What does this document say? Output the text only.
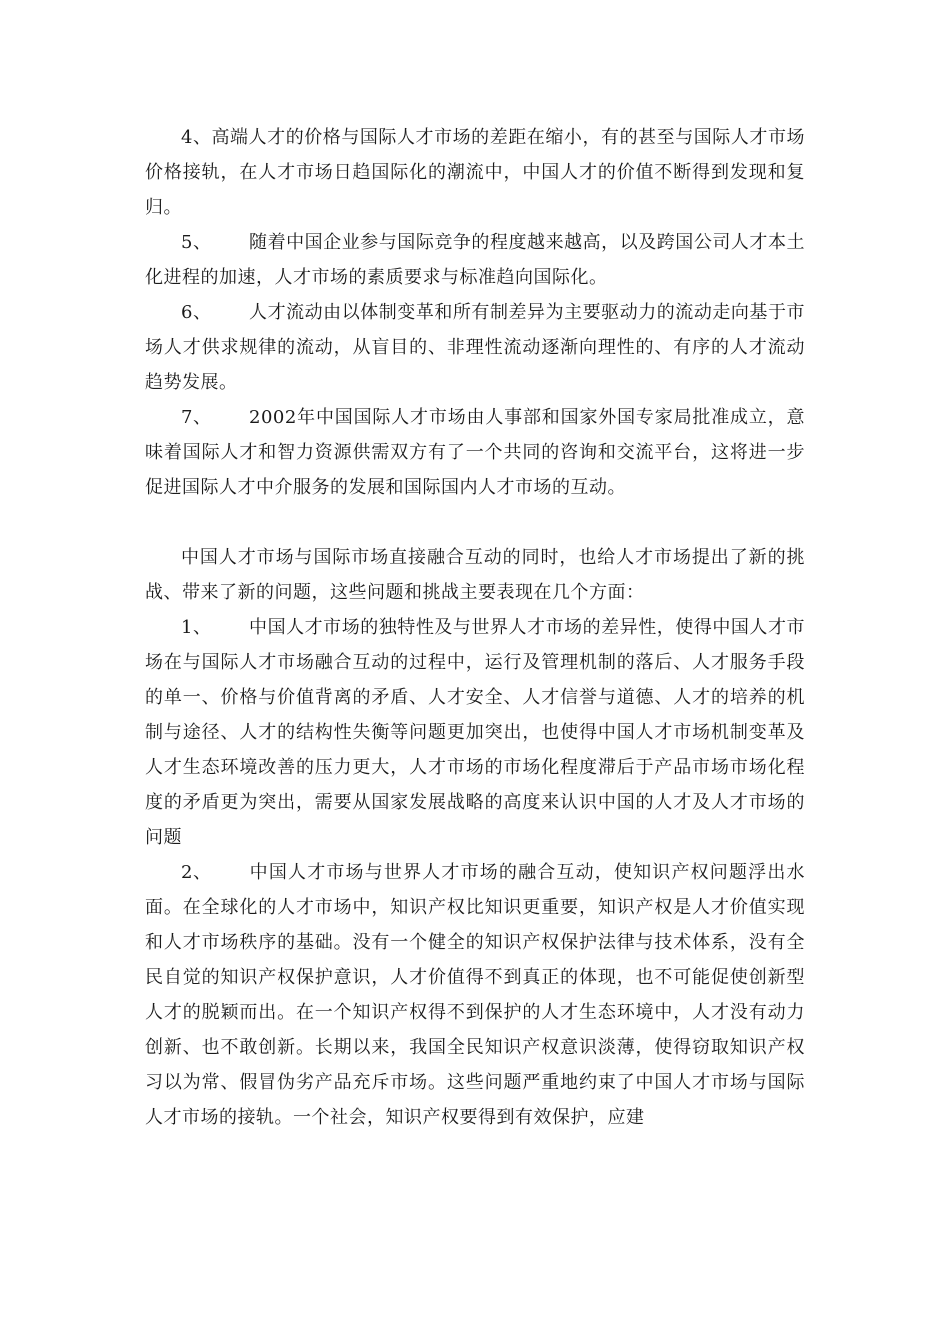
4、高端人才的价格与国际人才市场的差距在缩小，有的甚至与国际人才市场价格接轨，在人才市场日趋国际化的潮流中，中国人才的价值不断得到发现和复归。

5、 随着中国企业参与国际竞争的程度越来越高，以及跨国公司人才本土化进程的加速，人才市场的素质要求与标准趋向国际化。

6、 人才流动由以体制变革和所有制差异为主要驱动力的流动走向基于市场人才供求规律的流动，从盲目的、非理性流动逐渐向理性的、有序的人才流动趋势发展。

7、 2002年中国国际人才市场由人事部和国家外国专家局批准成立，意味着国际人才和智力资源供需双方有了一个共同的咨询和交流平台，这将进一步促进国际人才中介服务的发展和国际国内人才市场的互动。

中国人才市场与国际市场直接融合互动的同时，也给人才市场提出了新的挑战、带来了新的问题，这些问题和挑战主要表现在几个方面：

1、 中国人才市场的独特性及与世界人才市场的差异性，使得中国人才市场在与国际人才市场融合互动的过程中，运行及管理机制的落后、人才服务手段的单一、价格与价值背离的矛盾、人才安全、人才信誉与道德、人才的培养的机制与途径、人才的结构性失衡等问题更加突出，也使得中国人才市场机制变革及人才生态环境改善的压力更大，人才市场的市场化程度滞后于产品市场市场化程度的矛盾更为突出，需要从国家发展战略的高度来认识中国的人才及人才市场的问题

2、 中国人才市场与世界人才市场的融合互动，使知识产权问题浮出水面。在全球化的人才市场中，知识产权比知识更重要，知识产权是人才价值实现和人才市场秩序的基础。没有一个健全的知识产权保护法律与技术体系，没有全民自觉的知识产权保护意识，人才价值得不到真正的体现，也不可能促使创新型人才的脱颖而出。在一个知识产权得不到保护的人才生态环境中，人才没有动力创新、也不敢创新。长期以来，我国全民知识产权意识淡薄，使得窃取知识产权习以为常、假冒伪劣产品充斥市场。这些问题严重地约束了中国人才市场与国际人才市场的接轨。一个社会，知识产权要得到有效保护，应建
